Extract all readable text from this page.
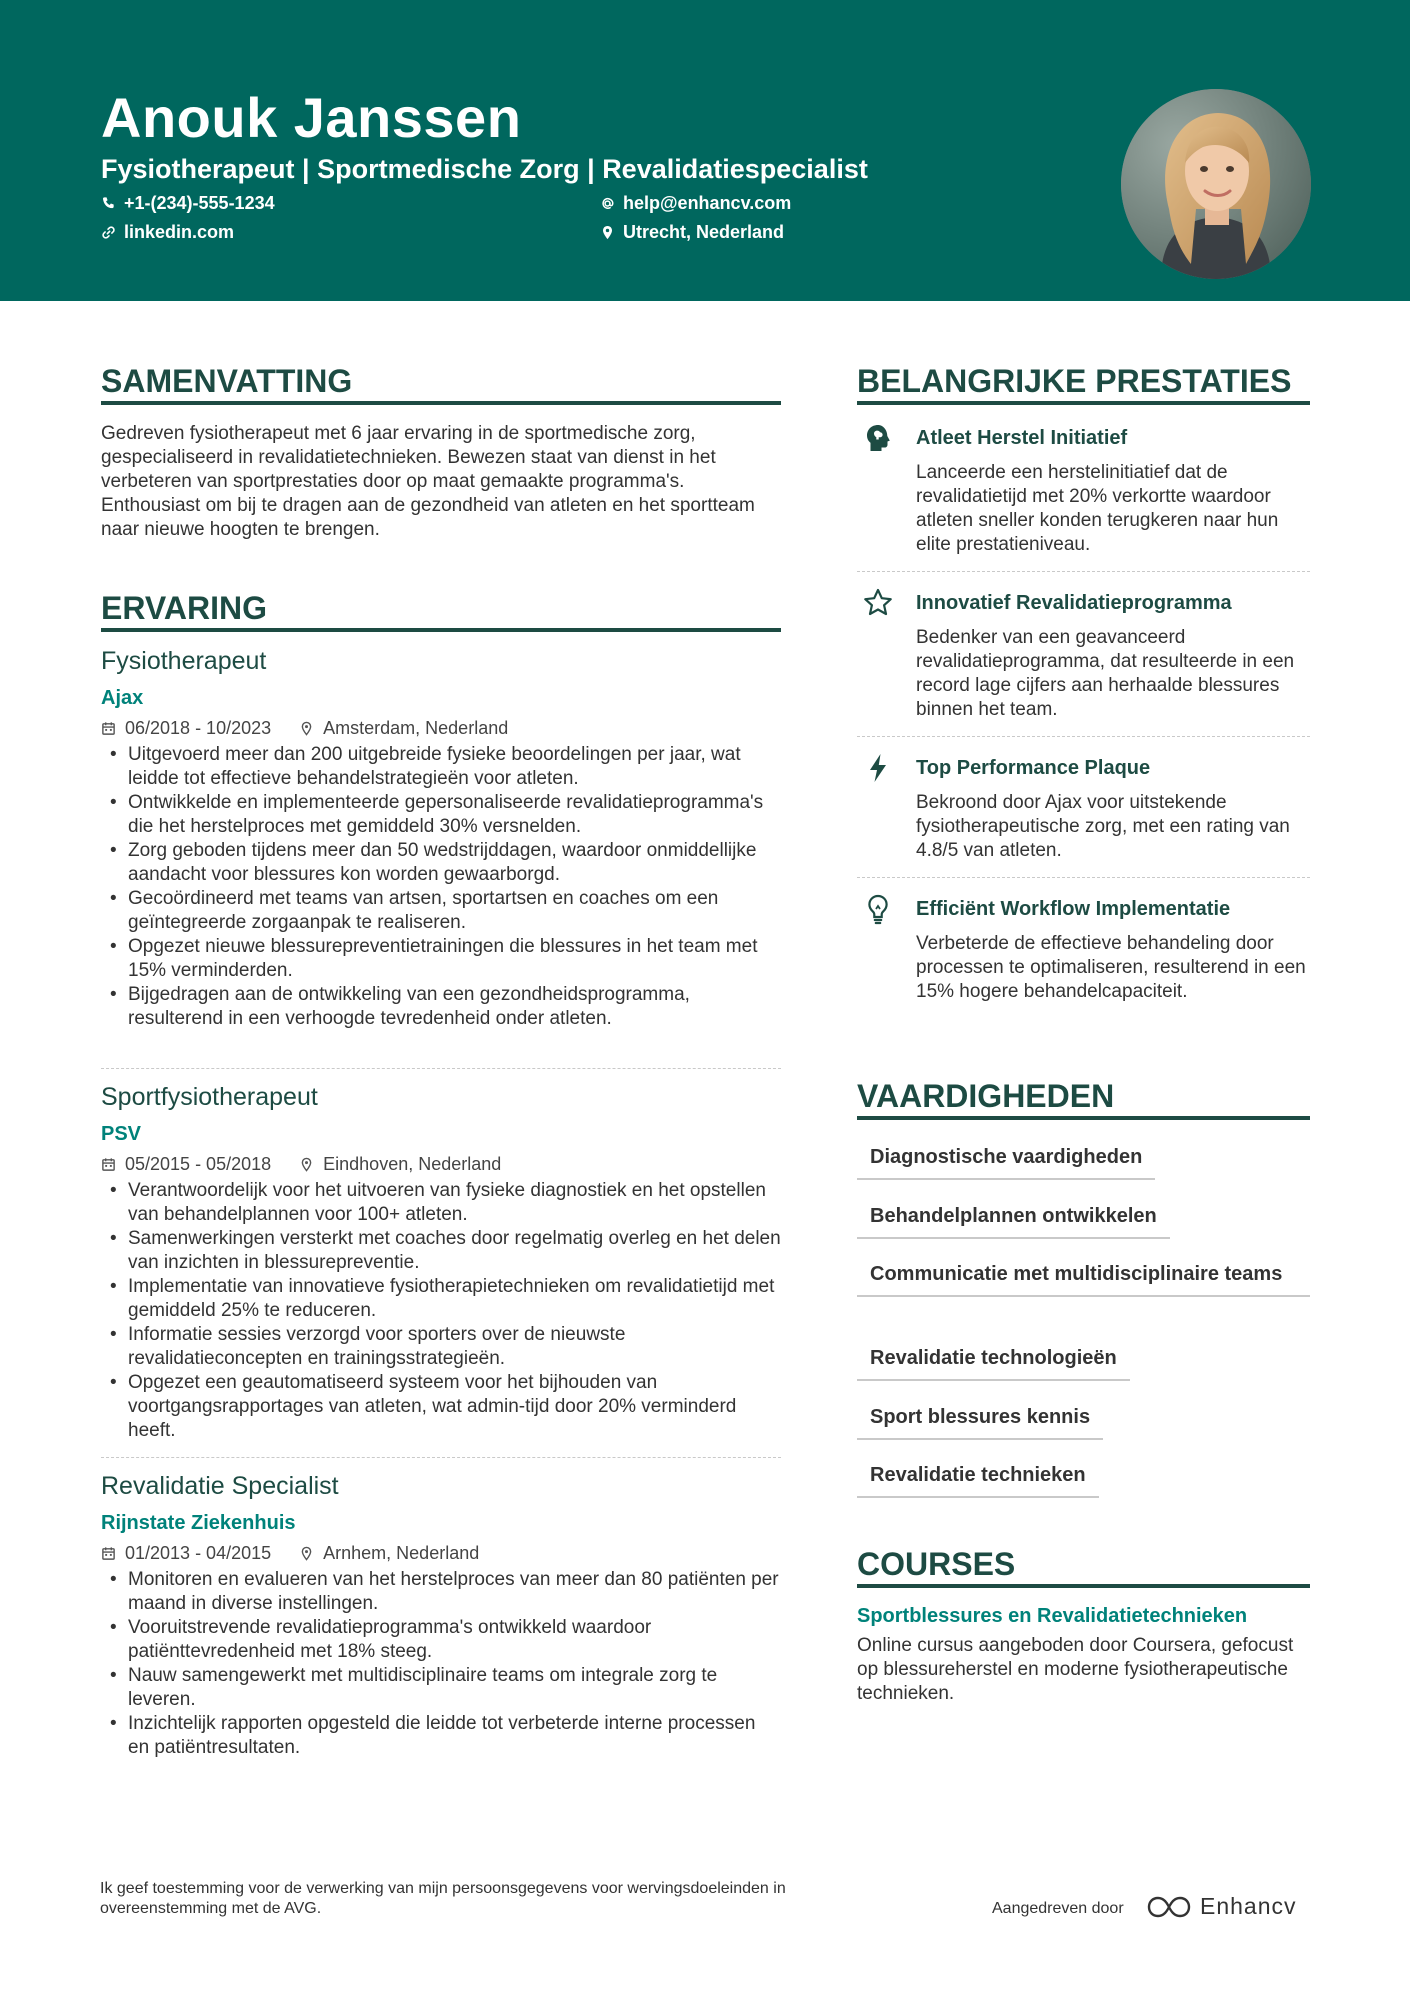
Anouk Janssen
Fysiotherapeut | Sportmedische Zorg | Revalidatiespecialist
+1-(234)-555-1234	help@enhancv.com
linkedin.com	Utrecht, Nederland
SAMENVATTING
Gedreven fysiotherapeut met 6 jaar ervaring in de sportmedische zorg, gespecialiseerd in revalidatietechnieken. Bewezen staat van dienst in het verbeteren van sportprestaties door op maat gemaakte programma's. Enthousiast om bij te dragen aan de gezondheid van atleten en het sportteam naar nieuwe hoogten te brengen.
ERVARING
Fysiotherapeut
Ajax
06/2018 - 10/2023	Amsterdam, Nederland
• Uitgevoerd meer dan 200 uitgebreide fysieke beoordelingen per jaar, wat leidde tot effectieve behandelstrategieën voor atleten.
• Ontwikkelde en implementeerde gepersonaliseerde revalidatieprogramma's die het herstelproces met gemiddeld 30% versnelden.
• Zorg geboden tijdens meer dan 50 wedstrijddagen, waardoor onmiddellijke aandacht voor blessures kon worden gewaarborgd.
• Gecoördineerd met teams van artsen, sportartsen en coaches om een geïntegreerde zorgaanpak te realiseren.
• Opgezet nieuwe blessurepreventietrainingen die blessures in het team met 15% verminderden.
• Bijgedragen aan de ontwikkeling van een gezondheidsprogramma, resulterend in een verhoogde tevredenheid onder atleten.
Sportfysiotherapeut
PSV
05/2015 - 05/2018	Eindhoven, Nederland
• Verantwoordelijk voor het uitvoeren van fysieke diagnostiek en het opstellen van behandelplannen voor 100+ atleten.
• Samenwerkingen versterkt met coaches door regelmatig overleg en het delen van inzichten in blessurepreventie.
• Implementatie van innovatieve fysiotherapietechnieken om revalidatietijd met gemiddeld 25% te reduceren.
• Informatie sessies verzorgd voor sporters over de nieuwste revalidatieconcepten en trainingsstrategieën.
• Opgezet een geautomatiseerd systeem voor het bijhouden van voortgangsrapportages van atleten, wat admin-tijd door 20% verminderd heeft.
Revalidatie Specialist
Rijnstate Ziekenhuis
01/2013 - 04/2015	Arnhem, Nederland
• Monitoren en evalueren van het herstelproces van meer dan 80 patiënten per maand in diverse instellingen.
• Vooruitstrevende revalidatieprogramma's ontwikkeld waardoor patiënttevredenheid met 18% steeg.
• Nauw samengewerkt met multidisciplinaire teams om integrale zorg te leveren.
• Inzichtelijk rapporten opgesteld die leidde tot verbeterde interne processen en patiëntresultaten.
BELANGRIJKE PRESTATIES
Atleet Herstel Initiatief
Lanceerde een herstelinitiatief dat de revalidatietijd met 20% verkortte waardoor atleten sneller konden terugkeren naar hun elite prestatieniveau.
Innovatief Revalidatieprogramma
Bedenker van een geavanceerd revalidatieprogramma, dat resulteerde in een record lage cijfers aan herhaalde blessures binnen het team.
Top Performance Plaque
Bekroond door Ajax voor uitstekende fysiotherapeutische zorg, met een rating van 4.8/5 van atleten.
Efficiënt Workflow Implementatie
Verbeterde de effectieve behandeling door processen te optimaliseren, resulterend in een 15% hogere behandelcapaciteit.
VAARDIGHEDEN
Diagnostische vaardigheden
Behandelplannen ontwikkelen
Communicatie met multidisciplinaire teams
Revalidatie technologieën
Sport blessures kennis
Revalidatie technieken
COURSES
Sportblessures en Revalidatietechnieken
Online cursus aangeboden door Coursera, gefocust op blessureherstel en moderne fysiotherapeutische technieken.
Ik geef toestemming voor de verwerking van mijn persoonsgegevens voor wervingsdoeleinden in overeenstemming met de AVG.	Aangedreven door	Enhancv
